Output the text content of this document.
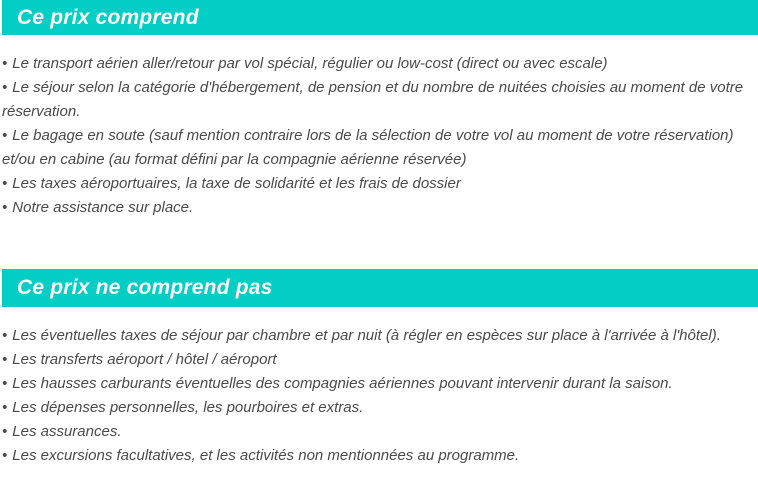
Ce prix comprend

• Le transport aérien aller/retour par vol spécial, régulier ou low-cost (direct ou avec escale)

• Le séjour selon la catégorie d'hébergement, de pension et du nombre de nuitées choisies au moment de votre réservation.

• Le bagage en soute (sauf mention contraire lors de la sélection de votre vol au moment de votre réservation) et/ou en cabine (au format défini par la compagnie aérienne réservée)

• Les taxes aéroportuaires, la taxe de solidarité et les frais de dossier

• Notre assistance sur place.

Ce prix ne comprend pas

• Les éventuelles taxes de séjour par chambre et par nuit (à régler en espèces sur place à l'arrivée à l'hôtel).

• Les transferts aéroport / hôtel / aéroport

• Les hausses carburants éventuelles des compagnies aériennes pouvant intervenir durant la saison.

• Les dépenses personnelles, les pourboires et extras.

• Les assurances.

• Les excursions facultatives, et les activités non mentionnées au programme.
